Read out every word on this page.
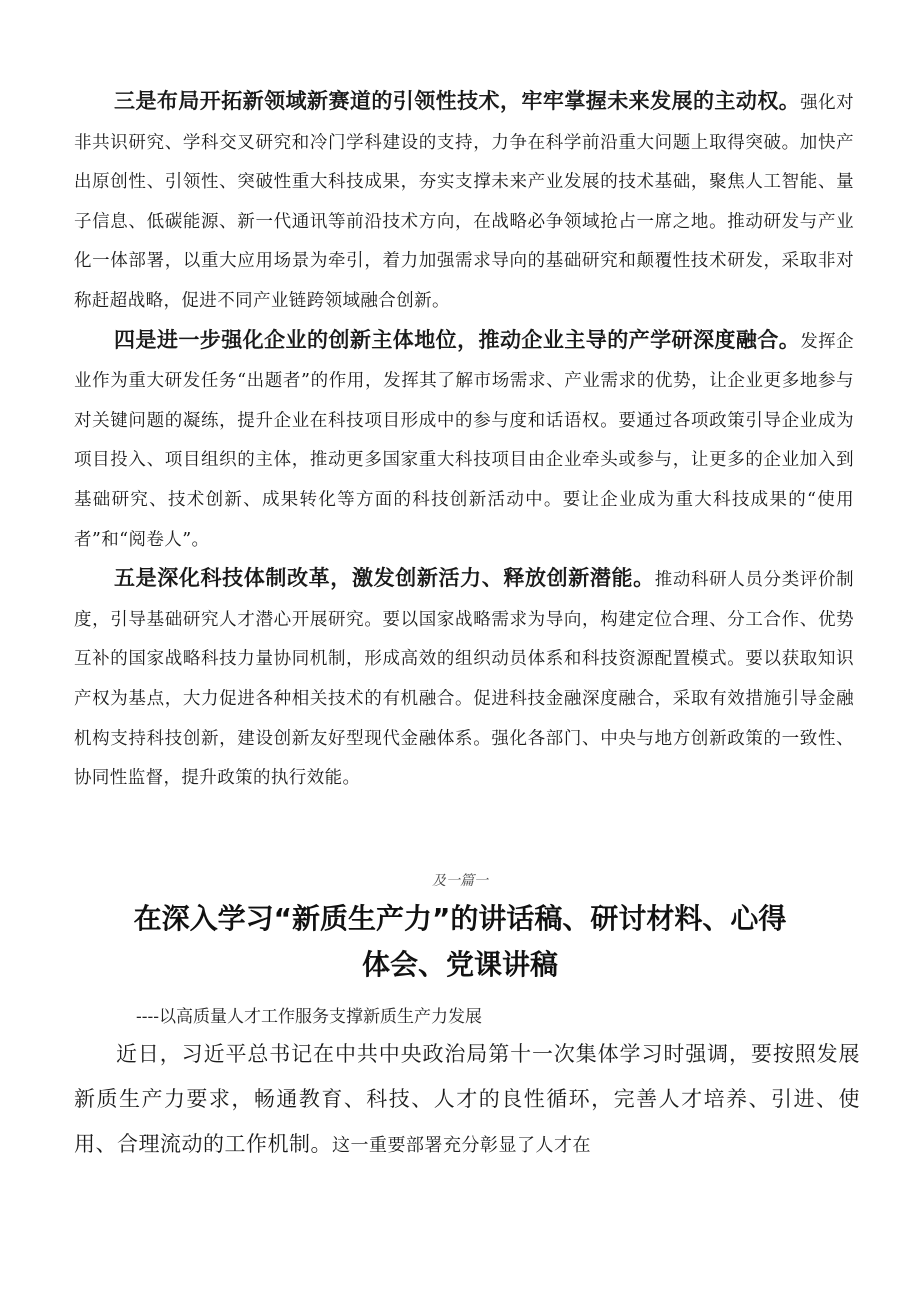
三是布局开拓新领域新赛道的引领性技术，牢牢掌握未来发展的主动权。强化对非共识研究、学科交叉研究和冷门学科建设的支持，力争在科学前沿重大问题上取得突破。加快产出原创性、引领性、突破性重大科技成果，夯实支撑未来产业发展的技术基础，聚焦人工智能、量子信息、低碳能源、新一代通讯等前沿技术方向，在战略必争领域抢占一席之地。推动研发与产业化一体部署，以重大应用场景为牵引，着力加强需求导向的基础研究和颠覆性技术研发，采取非对称赶超战略，促进不同产业链跨领域融合创新。

四是进一步强化企业的创新主体地位，推动企业主导的产学研深度融合。发挥企业作为重大研发任务“出题者”的作用，发挥其了解市场需求、产业需求的优势，让企业更多地参与对关键问题的凝练，提升企业在科技项目形成中的参与度和话语权。要通过各项政策引导企业成为项目投入、项目组织的主体，推动更多国家重大科技项目由企业牵头或参与，让更多的企业加入到基础研究、技术创新、成果转化等方面的科技创新活动中。要让企业成为重大科技成果的“使用者”和“阅卷人”。

五是深化科技体制改革，激发创新活力、释放创新潜能。推动科研人员分类评价制度，引导基础研究人才潜心开展研究。要以国家战略需求为导向，构建定位合理、分工合作、优势互补的国家战略科技力量协同机制，形成高效的组织动员体系和科技资源配置模式。要以获取知识产权为基点，大力促进各种相关技术的有机融合。促进科技金融深度融合，采取有效措施引导金融机构支持科技创新，建设创新友好型现代金融体系。强化各部门、中央与地方创新政策的一致性、协同性监督，提升政策的执行效能。

及一篇一
在深入学习“新质生产力”的讲话稿、研讨材料、心得
体会、党课讲稿
----以高质量人才工作服务支撑新质生产力发展

近日，习近平总书记在中共中央政治局第十一次集体学习时强调，要按照发展新质生产力要求，畅通教育、科技、人才的良性循环，完善人才培养、引进、使用、合理流动的工作机制。这一重要部署充分彰显了人才在
